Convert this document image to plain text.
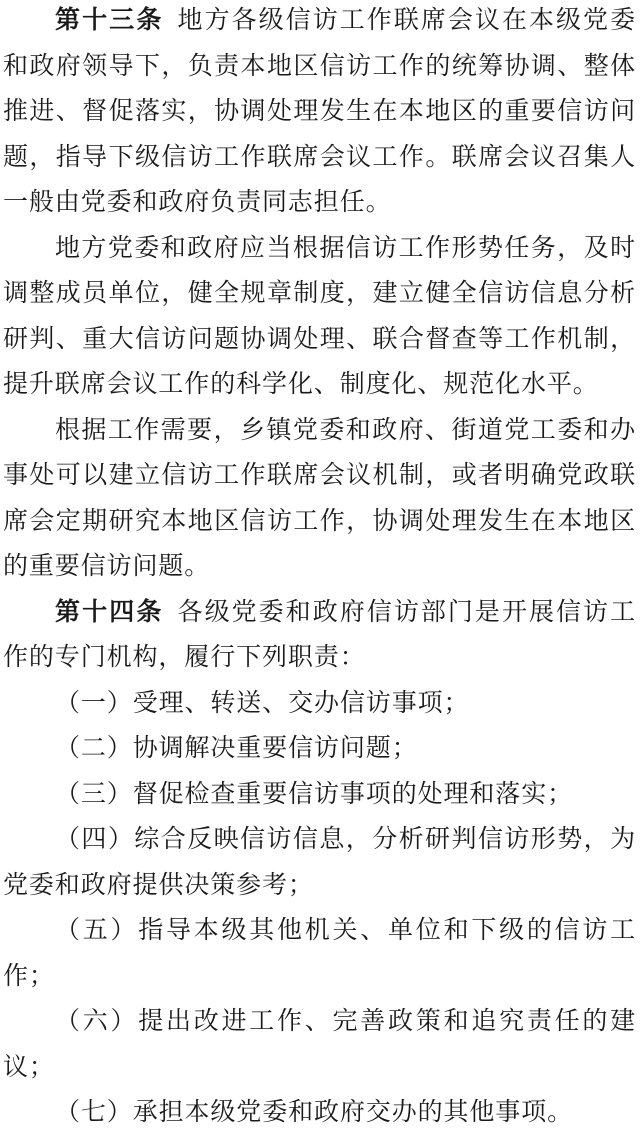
第十三条 地方各级信访工作联席会议在本级党委和政府领导下，负责本地区信访工作的统筹协调、整体推进、督促落实，协调处理发生在本地区的重要信访问题，指导下级信访工作联席会议工作。联席会议召集人一般由党委和政府负责同志担任。

地方党委和政府应当根据信访工作形势任务，及时调整成员单位，健全规章制度，建立健全信访信息分析研判、重大信访问题协调处理、联合督查等工作机制，提升联席会议工作的科学化、制度化、规范化水平。

根据工作需要，乡镇党委和政府、街道党工委和办事处可以建立信访工作联席会议机制，或者明确党政联席会定期研究本地区信访工作，协调处理发生在本地区的重要信访问题。

第十四条 各级党委和政府信访部门是开展信访工作的专门机构，履行下列职责：

（一）受理、转送、交办信访事项；

（二）协调解决重要信访问题；

（三）督促检查重要信访事项的处理和落实；

（四）综合反映信访信息，分析研判信访形势，为党委和政府提供决策参考；

（五）指导本级其他机关、单位和下级的信访工作；

（六）提出改进工作、完善政策和追究责任的建议；

（七）承担本级党委和政府交办的其他事项。
